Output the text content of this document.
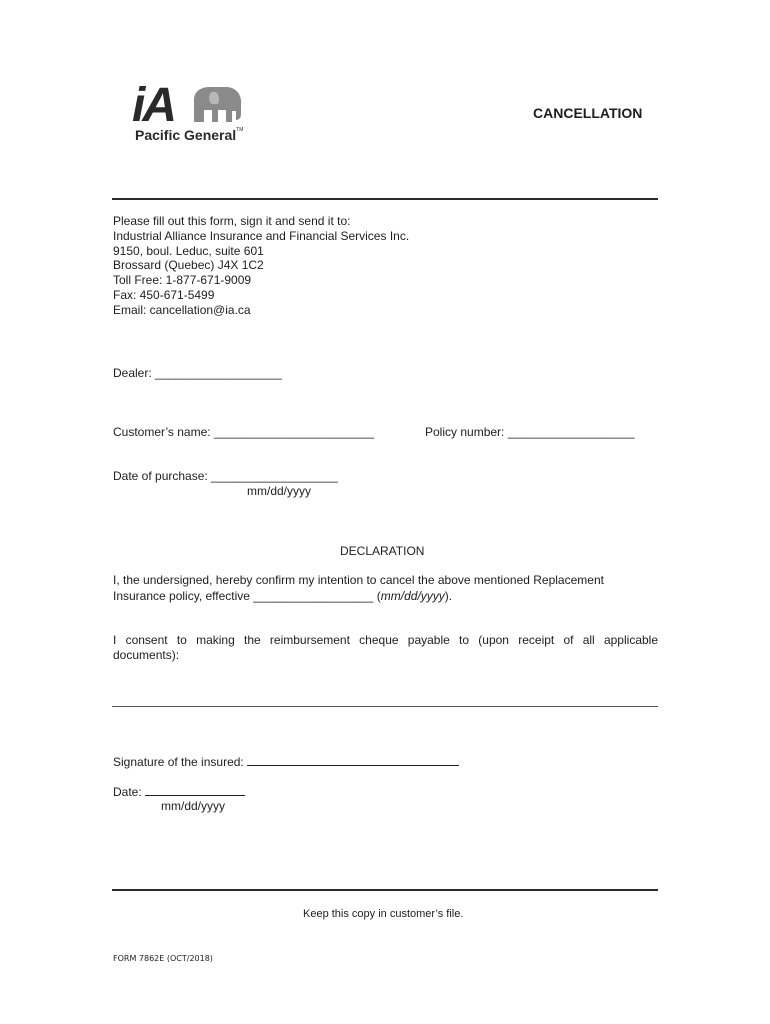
iA
Pacific General™
CANCELLATION
Please fill out this form, sign it and send it to:
Industrial Alliance Insurance and Financial Services Inc.
9150, boul. Leduc, suite 601
Brossard (Quebec) J4X 1C2
Toll Free: 1-877-671-9009
Fax: 450-671-5499
Email: cancellation@ia.ca
Dealer: ___________________
Customer’s name: ________________________	Policy number: ___________________
Date of purchase: ___________________
mm/dd/yyyy
DECLARATION
I, the undersigned, hereby confirm my intention to cancel the above mentioned Replacement
Insurance policy, effective __________________ (mm/dd/yyyy).
I consent to making the reimbursement cheque payable to (upon receipt of all applicable
documents):
Signature of the insured:
Date:
mm/dd/yyyy
Keep this copy in customer’s file.
FORM 7862E (OCT/2018)
